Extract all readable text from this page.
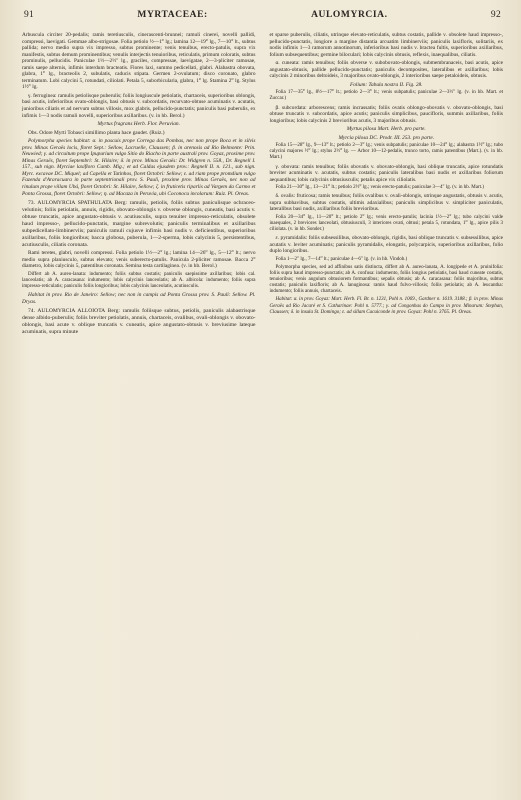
91	MYRTACEAE:	AULOMYRCIA.	92

Arbuscula circiter 20-pedalis; ramis teretiusculis, cinerascenti-brunnei; ramuli cinerei, novelli pallidi, compressi, laevigati. Gemmae albo-strigosae. Folia petiolo ½—1‴ lg.; lamina 12—19‴ lg., 7—10‴ lt., subtus pallida; nervo medio supra vix impresso, subtus prominente; venis tenuibus, erecto-patulis, supra vix manifestis, subtus demum prominentibus; venulis interjectis tenuioribus, reticulatis, primum coloratis, subtus prominulis, pellucidis. Paniculae 1½—2½″ lg., graciles, compressae, laevigatae, 2—3-pliciter ramosae, ramis saepe alternis, infimis interdum bracteatis. Flores laxi, summo pedicellati, glabri. Alabastra obovata, glabra, 1‴ lg., bracteolis 2, subulatis, caducis stipata. Germen 2-ovulatum; disco coronato, glabro terminatum. Lobi calycini 5, rotundati, ciliolati. Petala 5, suborbicularia, glabra, 1‴ lg. Stamina 2‴ lg. Stylus 1½‴ lg.

γ. ferruginea: ramulis petiolisque puberulis; foliis longiuscule petiolatis, chartaceis, superioribus oblongis, basi acutis, inferioribus ovato-oblongis, basi obtusis v. subcordatis, recurvato-obtuse acuminatis v. acutatis, junioribus ciliatis et ad nervum subtus villosis, mox glabris, pellucido-punctatis; paniculis basi puberulis, ex infimis 1—3 nodis ramuli novelli, superioribus axillaribus. (v. in hb. Berol.)

Myrtus fragrans Herb. Flor. Peruvian.

Obs. Odore Myrti Tobasci simillimo planta hace gaudet. (Ruiz.)

Polymorpha species habitat: α. in pascuis prope Correga das Pombas, nec non prope Boca et in silvis prov. Minas Geraës locis, floret Sept.: Sellow, Lacruelle, Claussen; β. in arenosis ad Rio Belmonte: Prin. Neuwied; γ. ad circuitum prope Ipupurium vulgo Sitio do Riacho in parte australi prov. Goyaz, proxime prov. Minas Geraës, floret Septembri: St. Hilaire; δ. in prov. Minas Geraës: Dr. Widgren n. 558., Dr. Regnell I. 157., sub nign. Myrciae laxifloro Camb. Mig.; et ad Caldas ejusdem prov.: Regnell II. n. 121., sub nign. Myrc. excavae DC. Miquel; ad Capella et Tatinhos, floret Octobri: Sellow; ε. ad riam prope promdium vulgo Fazenda d'Araracuara in parte septentrionali prov. S. Pauli, proxime prov. Minas Geraës, nec non ad rinulum prope villam Ubá, floret Octobri: St. Hilaire, Sellow; ζ. in fruticetis riparlis ad Vargem da Carmo et Ponta Grossa, floret Octobri: Sellow; η. ad Macaza in Peruvia, ubi Coconocu incolarum: Ruiz. Pl. Oreas.

73. AULOMYRCIA SPATHULATA Berg: ramulis, petiolis, foliis subtus paniculisque ochraceo-velutinis; foliis petiolatis, annuis, rigidis, obovato-oblongis v. obverse oblongis, cuneatis, basi acutis v. obtuse truncatis, apice angustato-obtusis v. acutiusculis, supra tenuiter impresso-reticulatis, obsolete haud impresso-, pellucido-punctatis, margine subrevolutis; paniculis terminalibus et axillaribus subpedicellato-limbinerviis; paniculis ramuli cujusve infimis basi nudis v. deficientibus, superioribus axillaribus, foliis longioribus; bacca globosa, puberula, 1—2-sperma, lobis calycinis 5, persistentibus, acutiusculis, ciliatis coronata.

Rami teretes, glabri, novelli compressi. Folia petiolo 1½—2‴ lg.; lamina 14—26‴ lg., 5—12‴ lt.; nervo medio supra planiusculo, subtus elevato; venis suberecto-patulis. Panicula 2-pliciter ramosae. Bacca 2‴ diametro, lobis calycinis 5, patentibus coronata. Semina testa cartilaginea. (v. in hb. Berol.)

Differt ab A. aureo-lanata: indumento; foliis subtus costatis; paniculis saepissime axillaribus; lobis cal. lanceolatis; ab A. caracasana: indumento; lobis calycinis lanceolatis; ab A. albicola: indumento; foliis supra impresso-reticulatis; paniculis foliis longioribus; lobis calycinis lanceolatis, acutiusculis.

Habitat in prov. Rio de Janeiro: Sellow; nec non in campis ad Ponta Grossa prov. S. Pauli: Sellow. Pl. Dryas.

74. AULOMYRCIA ALLOIOTA Berg: ramulis foliisque subtus, petiolis, paniculis alabastrisque dense albido-puberulis; foliis breviter petiolatis, annuis, chartaceis, ovalibus, ovali-oblongis v. obovato-oblongis, basi acute v. oblique truncatis v. cuneatis, apice angustato-obtusis v. breviusime lateque acuminatis, supra minute

et sparse puberulis, ciliatis, utrinque elevato-reticulatis, subtus costatis, pallide v. obsolete haud impresso-, pellucido-punctatis, longiore a margine distantia arcuatim limbinerviis; paniculis laxifloris, solitariis, ex nodis infimis 1—3 ramorum annotinorum, inferioribus basi nudis v. bractea fultis, superioribus axillaribus, folium subsequentibus; germine biloculari; lobis calycinis obtusis, reflexis, inaequalibus, ciliatis.

α. cuneata: ramis tenuibus; foliis obverse v. subobovato-oblongis, submembranaceis, basi acutis, apice angustato-obtusis, pallide pellucido-punctatis; paniculis decomposites, lateralibus et axillaribus; lobis calycinis 2 minoribus deltoideis, 3 majoribus ovato-oblongis, 2 interioribus saepe petaloideis, obtusis.

Folium: Tabula nostra II. Fig. 28.

Folia 17—35‴ lg., 8½—17‴ lt.; petiolo 2—3‴ lt.; venis subpatulis; paniculae 2—3½″ lg. (v. in hb. Mart. et Zuccar.)

β. subcordata: arborescens; ramis incrassatis; foliis ovatis oblongo-obovatis v. obovato-oblongis, basi obtuse truncatis v. subcordatis, apice acutis; paniculis simplicibus, paucifloris, summis axillaribus, foliis longioribus; lobis calycinis 2 brevioribus acutis, 3 majoribus obtusis.

Myrtus pilosa Mart. Herb. pro parte.

Myrcia pilosa DC. Prodr. III. 253. pro parte.

Folia 15—28‴ lg., 9—13‴ lt.; petiolo 2—3‴ lg.; venis subpatulis; paniculae 10—24‴ lg.; alabastra 1½‴ lg.; tubo calycini majores ½‴ lg.; stylus 2½‴ lg. — Arbor 10—12-pedalis, trunco torto, ramis patentibus (Mart.). (v. in hb. Mart.)

γ. obovata: ramis tenuibus; foliis obovatis v. obovato-oblongis, basi oblique truncatis, apice rotundatis breviter acuminatis v. acutatis, subtus costatis; paniculis lateralibus basi nudis et axillaribus foliorum aequantibus; lobis calycinis obtusiusculis; petalis apice vix ciliolatis.

Folia 21—30‴ lg., 13—21‴ lt.; petiolo 2½‴ lg.; venis erecto-patulis; paniculae 3—4″ lg. (v. in hb. Mart.)

δ. ovalis: fruticosa; ramis tenuibus; foliis ovalibus v. ovali-oblongis, utrinque angustatis, obtusis v. acutis, supra subhavibus, subtus costatis, ultimis adaxialibus; paniculis simplicibus v. simpliciter paniculatis, lateralibus basi nudis, axillaribus foliis brevioribus.

Folia 20—34‴ lg., 11—20‴ lt.; petiolo 2‴ lg.; venis erecto-patulis; lacinia 1½—2‴ lg.; tubo calycini valde inaequales, 2 breviores lanceolati, obtusiusculi, 3 interiores ovati, obtusi; petala 5, rotundata, 1‴ lg., apice pilis 3 ciliolata. (v. in hb. Sonder.)

ε. pyramidalis: foliis subsessilibus, obovato-oblongis, rigidis, basi oblique truncatis v. subsessilibus, apice acutatis v. leviter acuminatis; paniculis pyramidalis, elongatis, polycarpicis, superioribus axillaribus, folio duplo longioribus.

Folia 1—2″ lg., 7—14‴ lt.; paniculae 4—6″ lg. (v. in hb. Vindob.)

Polymorpha species, sed ad affinibus satis distincta, differt ab A. aureo-lanata, A. longipede et A. pruinifolia: foliis supra haud impresso-punctatis; ab A. confusa: indumento, foliis longius petiolatis, basi haud cuneate costatis, tenuioribus; venis angulum obtusiorem formantibus; sepalis obtusis; ab A. caracasana: foliis majoribus, subtus costatis; paniculis laxifloris; ab A. lanuginosa: ramis haud fulvo-villosis; foliis petiolatis; ab A. leucantha: indumento; foliis annuis, chartaceis.

Habitat: α. in prov. Goyaz: Mart. Herb. Fl. Br. n. 1231, Pohl n. 1069., Gardner n. 1619. 3188.; β. in prov. Minas Geraës ad Rio Jacaré et S. Catharinae: Pohl n. 5777.; γ. ad Congonhas do Campo in prov. Minarum: Stephan, Claussen; δ. in insula St. Domingo; ε. ad sillam Cacuiconde in prov. Goyaz: Pohl n. 3765. Pl. Oreas.
